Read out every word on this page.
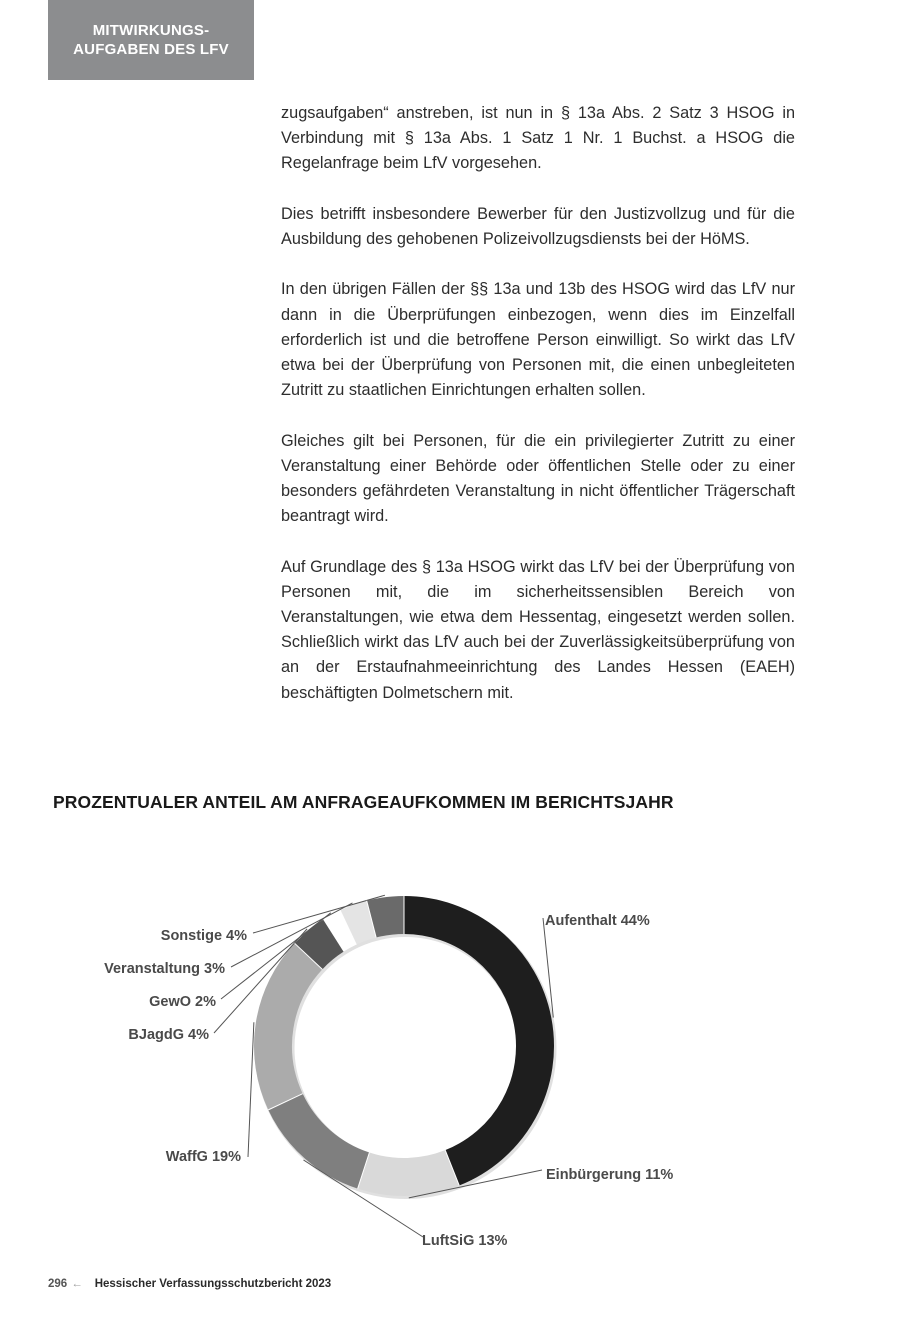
MITWIRKUNGS-
AUFGABEN DES LFV

zugsaufgaben“ anstreben, ist nun in § 13a Abs. 2 Satz 3 HSOG in Verbindung mit § 13a Abs. 1 Satz 1 Nr. 1 Buchst. a HSOG die Regelanfrage beim LfV vorgesehen.

Dies betrifft insbesondere Bewerber für den Justizvollzug und für die Ausbildung des gehobenen Polizeivollzugsdiensts bei der HöMS.

In den übrigen Fällen der §§ 13a und 13b des HSOG wird das LfV nur dann in die Überprüfungen einbezogen, wenn dies im Einzelfall erforderlich ist und die betroffene Person einwilligt. So wirkt das LfV etwa bei der Überprüfung von Personen mit, die einen unbegleiteten Zutritt zu staatlichen Einrichtungen erhalten sollen.

Gleiches gilt bei Personen, für die ein privilegierter Zutritt zu einer Veranstaltung einer Behörde oder öffentlichen Stelle oder zu einer besonders gefährdeten Veranstaltung in nicht öffentlicher Trägerschaft beantragt wird.

Auf Grundlage des § 13a HSOG wirkt das LfV bei der Überprüfung von Personen mit, die im sicherheitssensiblen Bereich von Veranstaltungen, wie etwa dem Hessentag, eingesetzt werden sollen. Schließlich wirkt das LfV auch bei der Zuverlässigkeitsüberprüfung von an der Erstaufnahmeeinrichtung des Landes Hessen (EAEH) beschäftigten Dolmetschern mit.

PROZENTUALER ANTEIL AM ANFRAGEAUFKOMMEN IM BERICHTSJAHR
Aufenthalt 44%
Einbürgerung 11%
LuftSiG 13%
WaffG 19%
BJagdG 4%
GewO 2%
Veranstaltung 3%
Sonstige 4%
296 ← Hessischer Verfassungsschutzbericht 2023
